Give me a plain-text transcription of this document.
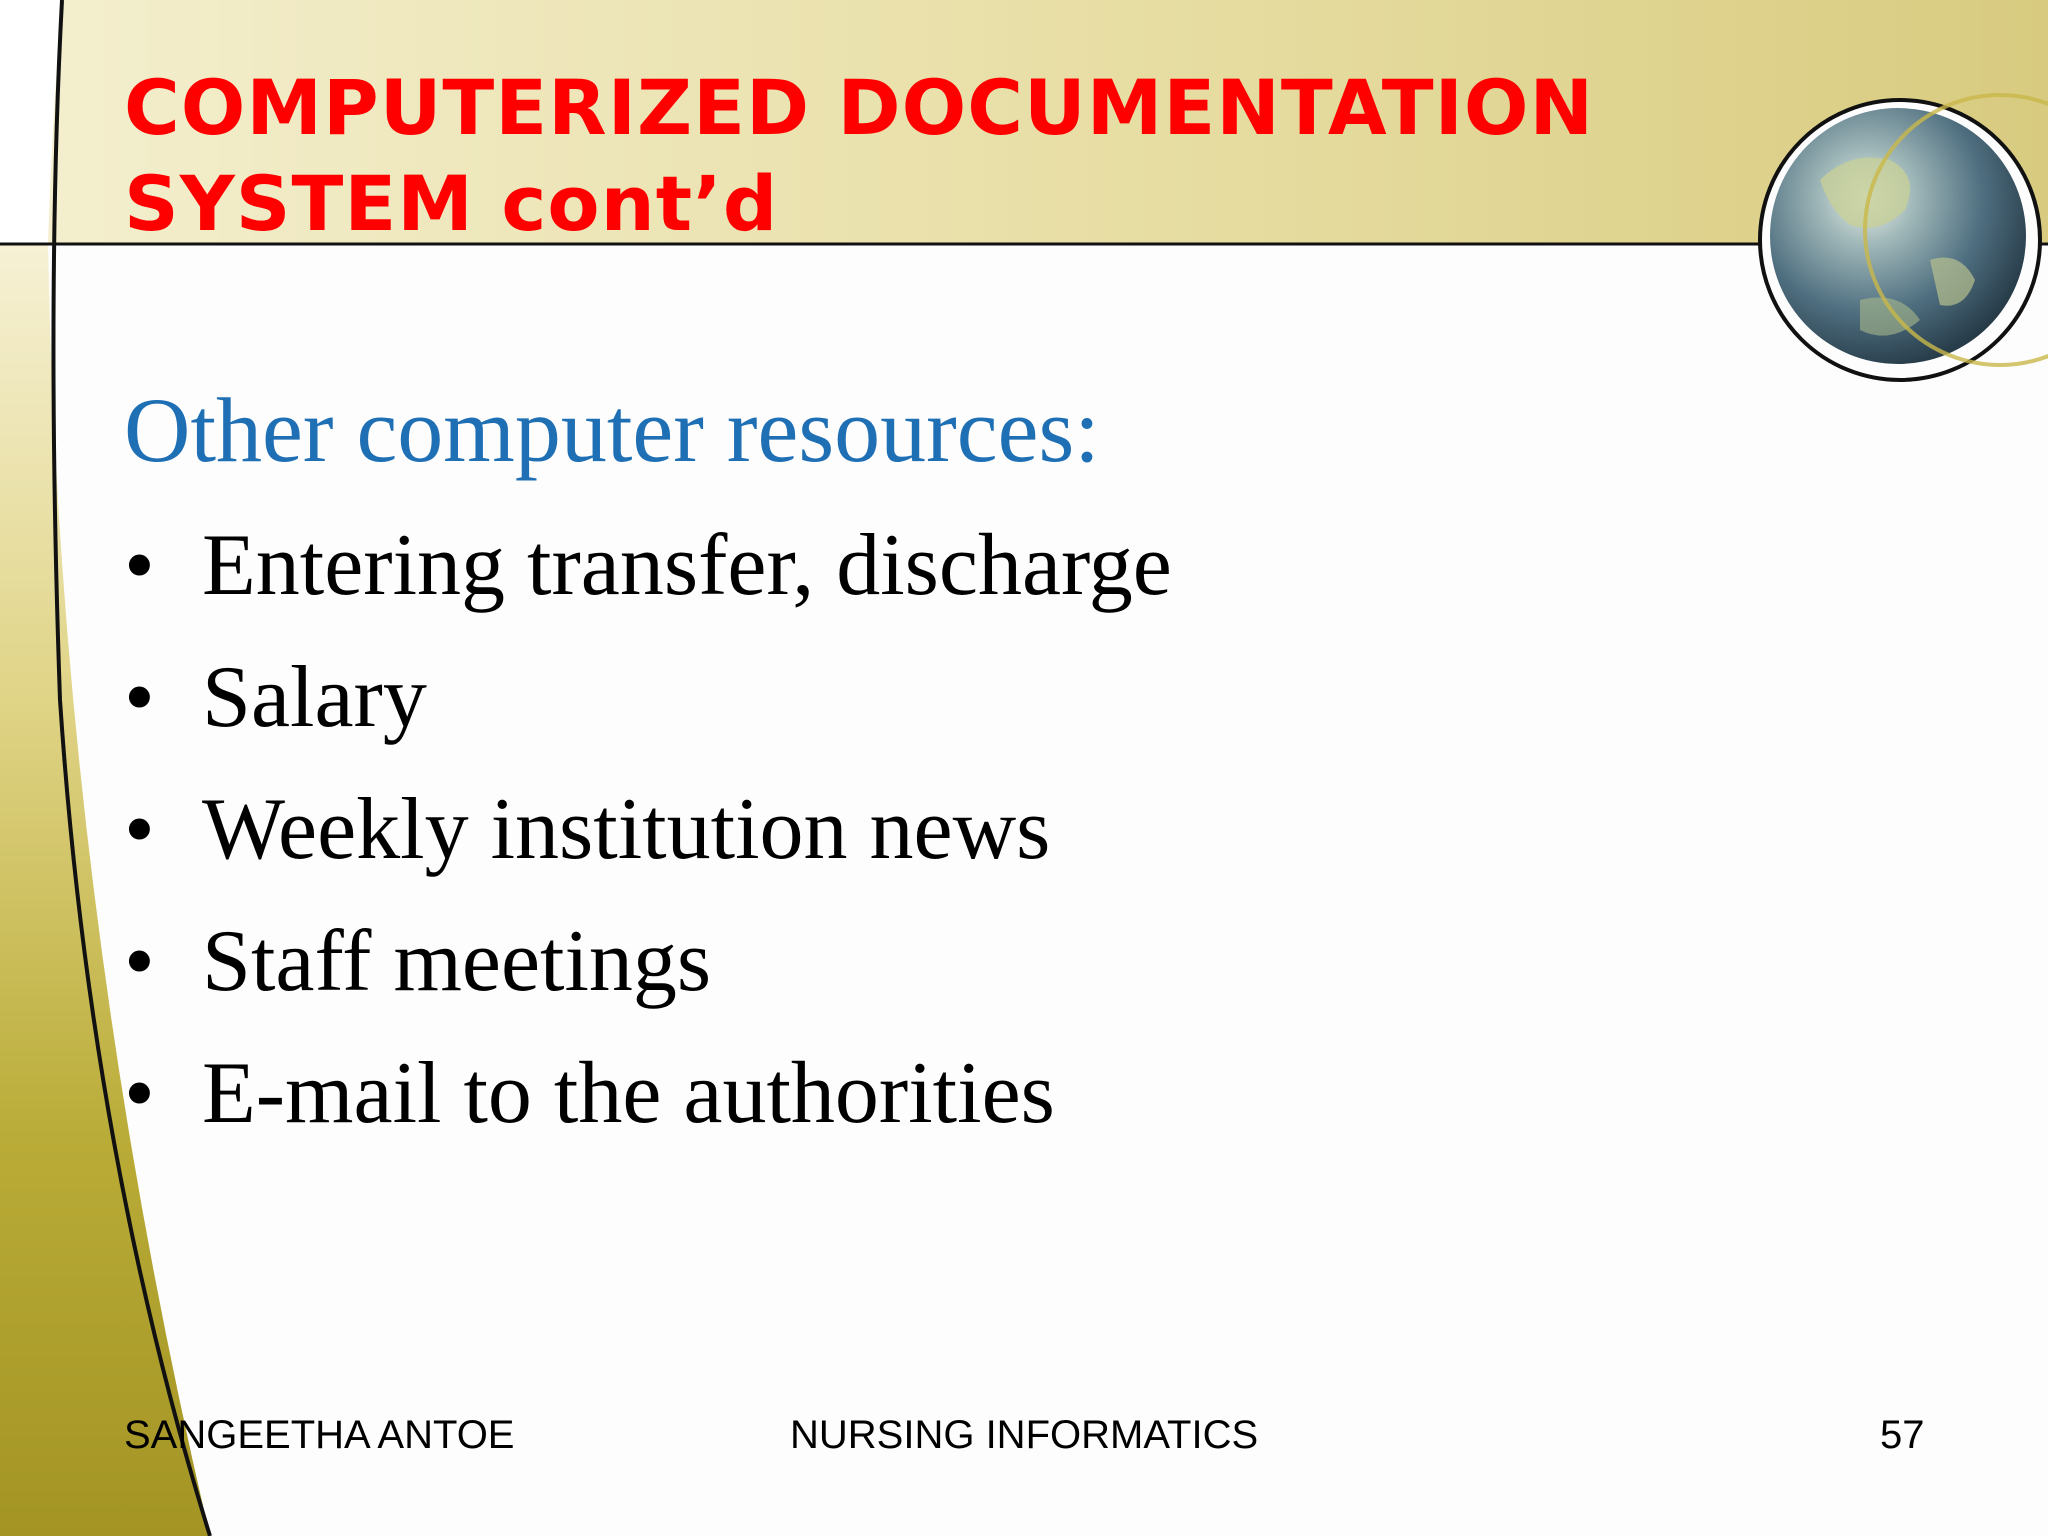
COMPUTERIZED DOCUMENTATION
SYSTEM cont’d
Other computer resources:
• Entering transfer, discharge
• Salary
• Weekly institution news
• Staff meetings
• E-mail to the authorities
SANGEETHA ANTOE	NURSING INFORMATICS	57
